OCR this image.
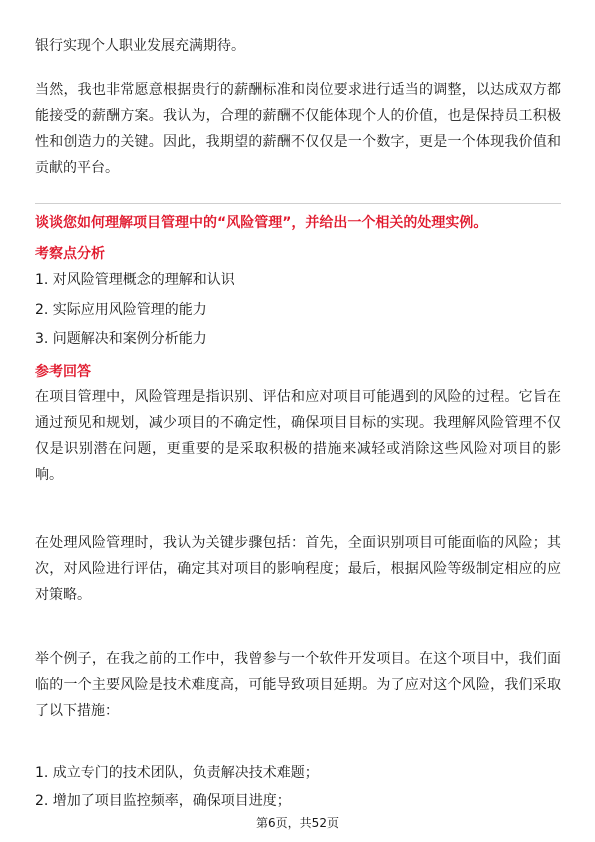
银行实现个人职业发展充满期待。

当然，我也非常愿意根据贵行的薪酬标准和岗位要求进行适当的调整，以达成双方都能接受的薪酬方案。我认为，合理的薪酬不仅能体现个人的价值，也是保持员工积极性和创造力的关键。因此，我期望的薪酬不仅仅是一个数字，更是一个体现我价值和贡献的平台。

谈谈您如何理解项目管理中的“风险管理”，并给出一个相关的处理实例。
考察点分析
1. 对风险管理概念的理解和认识
2. 实际应用风险管理的能力
3. 问题解决和案例分析能力
参考回答

在项目管理中，风险管理是指识别、评估和应对项目可能遇到的风险的过程。它旨在通过预见和规划，减少项目的不确定性，确保项目目标的实现。我理解风险管理不仅仅是识别潜在问题，更重要的是采取积极的措施来减轻或消除这些风险对项目的影响。

在处理风险管理时，我认为关键步骤包括：首先，全面识别项目可能面临的风险；其次，对风险进行评估，确定其对项目的影响程度；最后，根据风险等级制定相应的应对策略。

举个例子，在我之前的工作中，我曾参与一个软件开发项目。在这个项目中，我们面临的一个主要风险是技术难度高，可能导致项目延期。为了应对这个风险，我们采取了以下措施：

1. 成立专门的技术团队，负责解决技术难题；
2. 增加了项目监控频率，确保项目进度；
第6页，共52页
